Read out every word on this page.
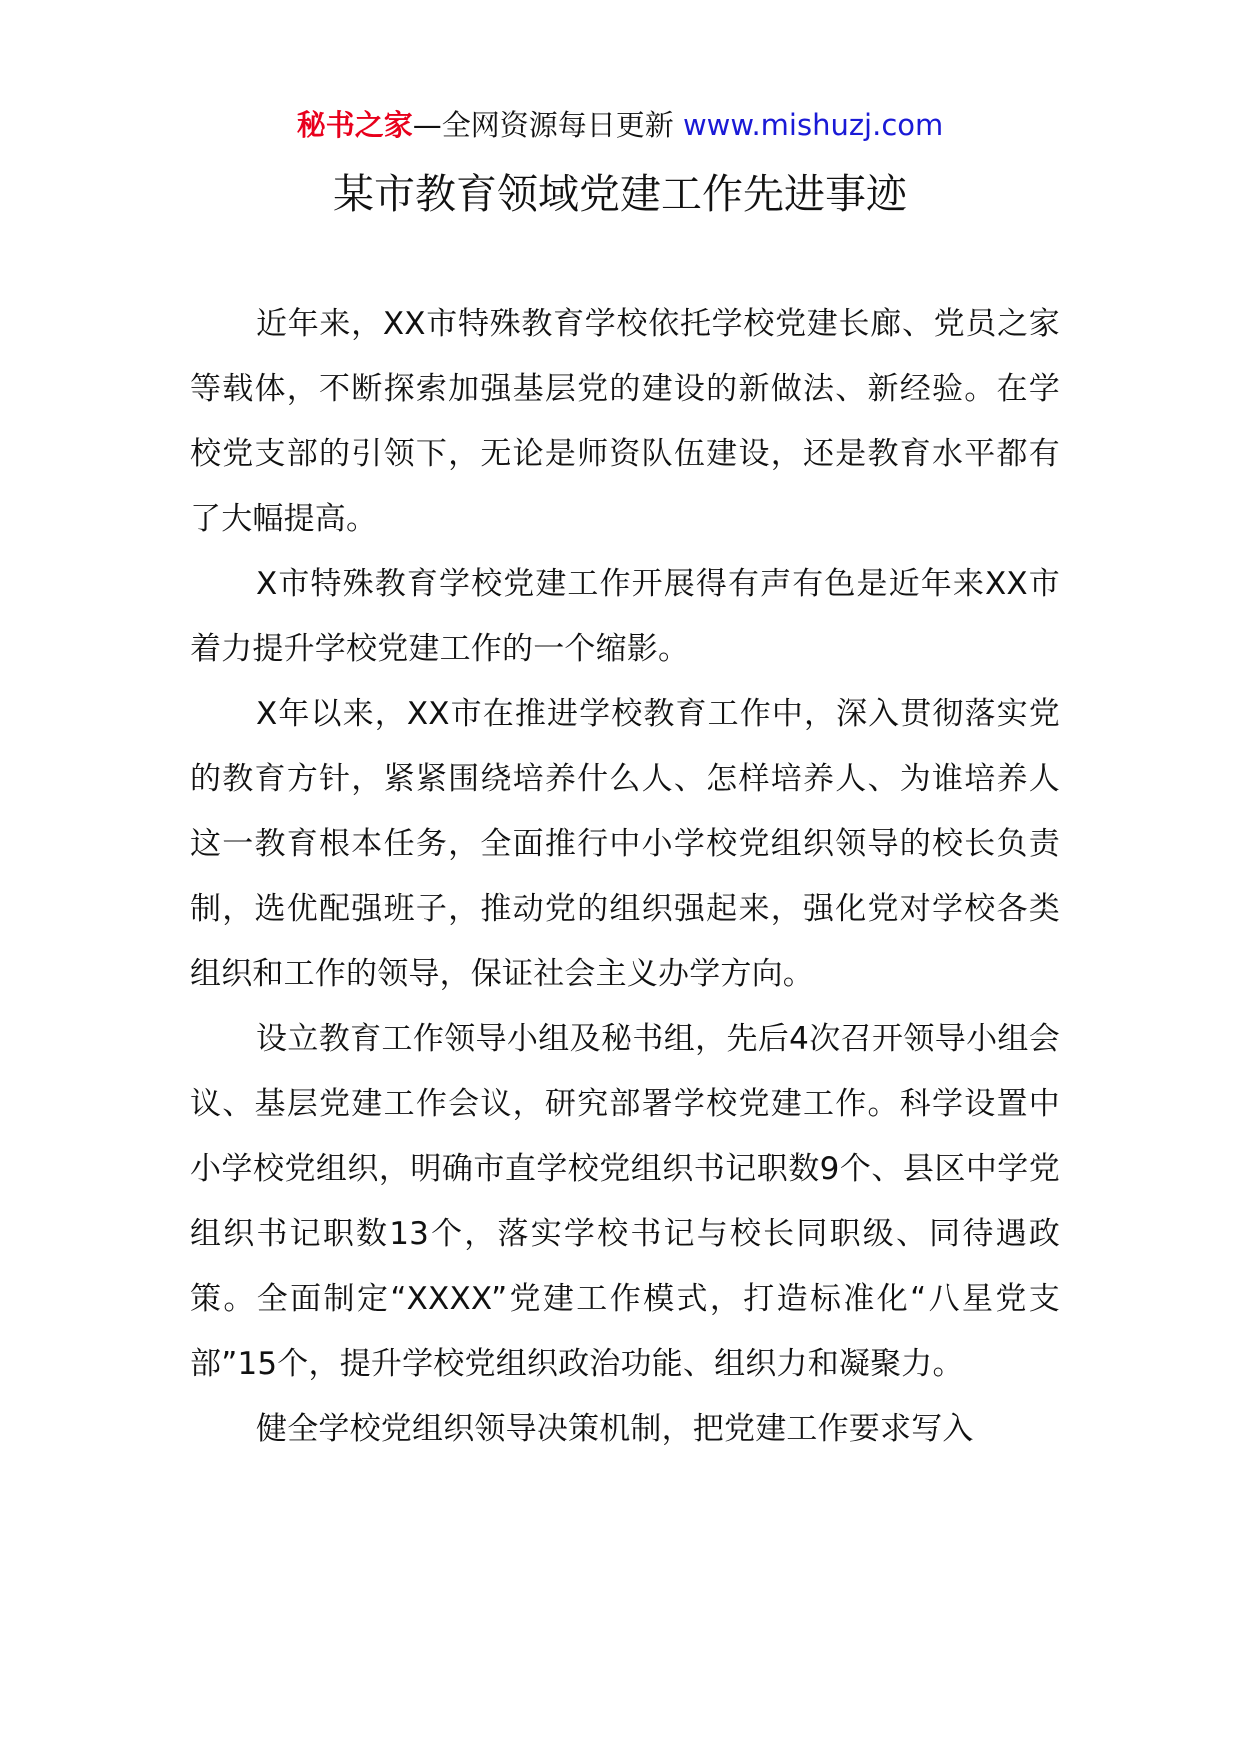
秘书之家—全网资源每日更新 www.mishuzj.com
某市教育领域党建工作先进事迹

近年来，XX市特殊教育学校依托学校党建长廊、党员之家等载体，不断探索加强基层党的建设的新做法、新经验。在学校党支部的引领下，无论是师资队伍建设，还是教育水平都有了大幅提高。

X市特殊教育学校党建工作开展得有声有色是近年来XX市着力提升学校党建工作的一个缩影。

X年以来，XX市在推进学校教育工作中，深入贯彻落实党的教育方针，紧紧围绕培养什么人、怎样培养人、为谁培养人这一教育根本任务，全面推行中小学校党组织领导的校长负责制，选优配强班子，推动党的组织强起来，强化党对学校各类组织和工作的领导，保证社会主义办学方向。

设立教育工作领导小组及秘书组，先后4次召开领导小组会议、基层党建工作会议，研究部署学校党建工作。科学设置中小学校党组织，明确市直学校党组织书记职数9个、县区中学党组织书记职数13个，落实学校书记与校长同职级、同待遇政策。全面制定“XXXX”党建工作模式，打造标准化“八星党支部”15个，提升学校党组织政治功能、组织力和凝聚力。

健全学校党组织领导决策机制，把党建工作要求写入
